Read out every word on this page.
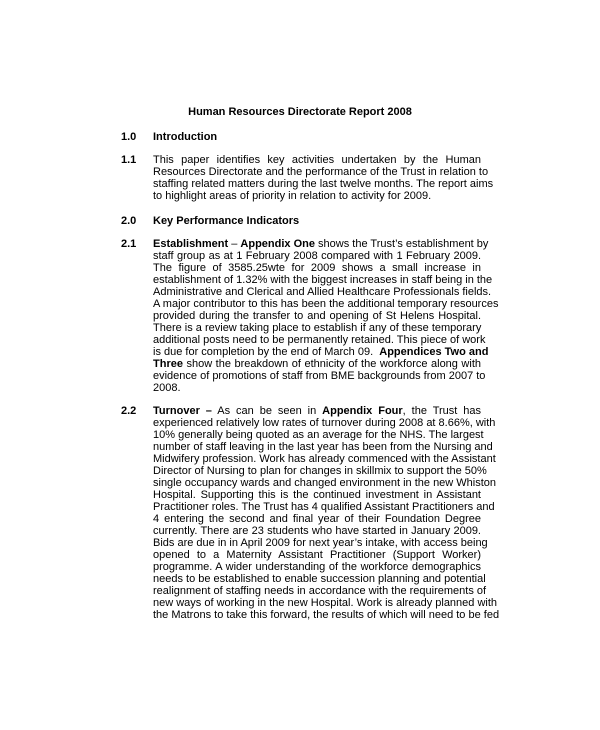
Human Resources Directorate Report 2008
1.0 Introduction
1.1 This paper identifies key activities undertaken by the Human
Resources Directorate and the performance of the Trust in relation to
staffing related matters during the last twelve months. The report aims
to highlight areas of priority in relation to activity for 2009.
2.0 Key Performance Indicators
2.1 Establishment – Appendix One shows the Trust’s establishment by
staff group as at 1 February 2008 compared with 1 February 2009.
The figure of 3585.25wte for 2009 shows a small increase in
establishment of 1.32% with the biggest increases in staff being in the
Administrative and Clerical and Allied Healthcare Professionals fields.
A major contributor to this has been the additional temporary resources
provided during the transfer to and opening of St Helens Hospital.
There is a review taking place to establish if any of these temporary
additional posts need to be permanently retained. This piece of work
is due for completion by the end of March 09. Appendices Two and
Three show the breakdown of ethnicity of the workforce along with
evidence of promotions of staff from BME backgrounds from 2007 to
2008.
2.2 Turnover – As can be seen in Appendix Four, the Trust has
experienced relatively low rates of turnover during 2008 at 8.66%, with
10% generally being quoted as an average for the NHS. The largest
number of staff leaving in the last year has been from the Nursing and
Midwifery profession. Work has already commenced with the Assistant
Director of Nursing to plan for changes in skillmix to support the 50%
single occupancy wards and changed environment in the new Whiston
Hospital. Supporting this is the continued investment in Assistant
Practitioner roles. The Trust has 4 qualified Assistant Practitioners and
4 entering the second and final year of their Foundation Degree
currently. There are 23 students who have started in January 2009.
Bids are due in in April 2009 for next year’s intake, with access being
opened to a Maternity Assistant Practitioner (Support Worker)
programme. A wider understanding of the workforce demographics
needs to be established to enable succession planning and potential
realignment of staffing needs in accordance with the requirements of
new ways of working in the new Hospital. Work is already planned with
the Matrons to take this forward, the results of which will need to be fed
